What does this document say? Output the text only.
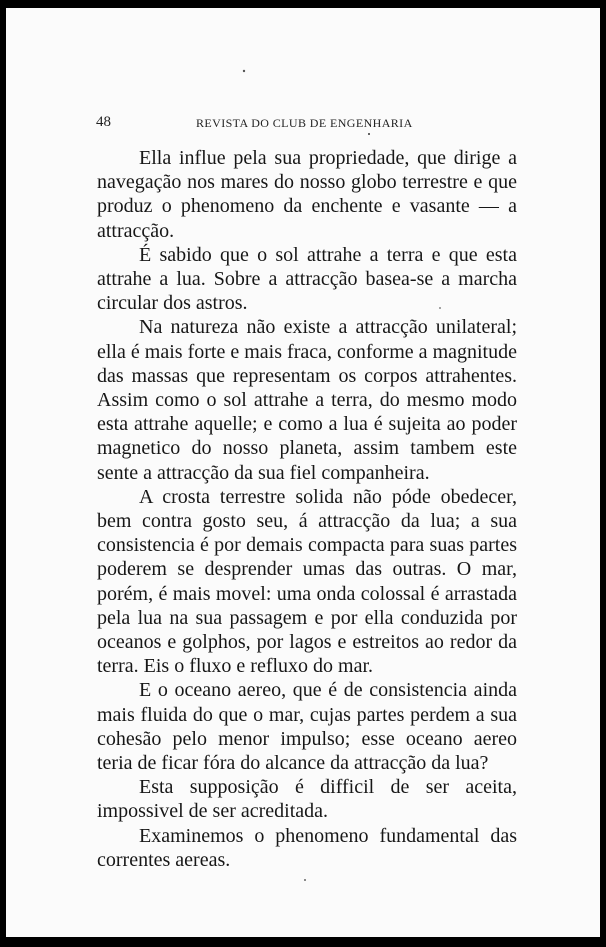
48	REVISTA DO CLUB DE ENGENHARIA

Ella influe pela sua propriedade, que dirige a navegação nos mares do nosso globo terrestre e que produz o phenomeno da enchente e vasante — a attracção.

É sabido que o sol attrahe a terra e que esta attrahe a lua. Sobre a attracção basea-se a marcha circular dos astros.

Na natureza não existe a attracção unilateral; ella é mais forte e mais fraca, conforme a magnitude das massas que representam os corpos attrahentes. Assim como o sol attrahe a terra, do mesmo modo esta attrahe aquelle; e como a lua é sujeita ao poder magnetico do nosso planeta, assim tambem este sente a attracção da sua fiel companheira.

A crosta terrestre solida não póde obedecer, bem contra gosto seu, á attracção da lua; a sua consistencia é por demais compacta para suas partes poderem se desprender umas das outras. O mar, porém, é mais movel: uma onda colossal é arrastada pela lua na sua passagem e por ella conduzida por oceanos e golphos, por lagos e estreitos ao redor da terra. Eis o fluxo e refluxo do mar.

E o oceano aereo, que é de consistencia ainda mais fluida do que o mar, cujas partes perdem a sua cohesão pelo menor impulso; esse oceano aereo teria de ficar fóra do alcance da attracção da lua?

Esta supposição é difficil de ser aceita, impossivel de ser acreditada.

Examinemos o phenomeno fundamental das correntes aereas.
